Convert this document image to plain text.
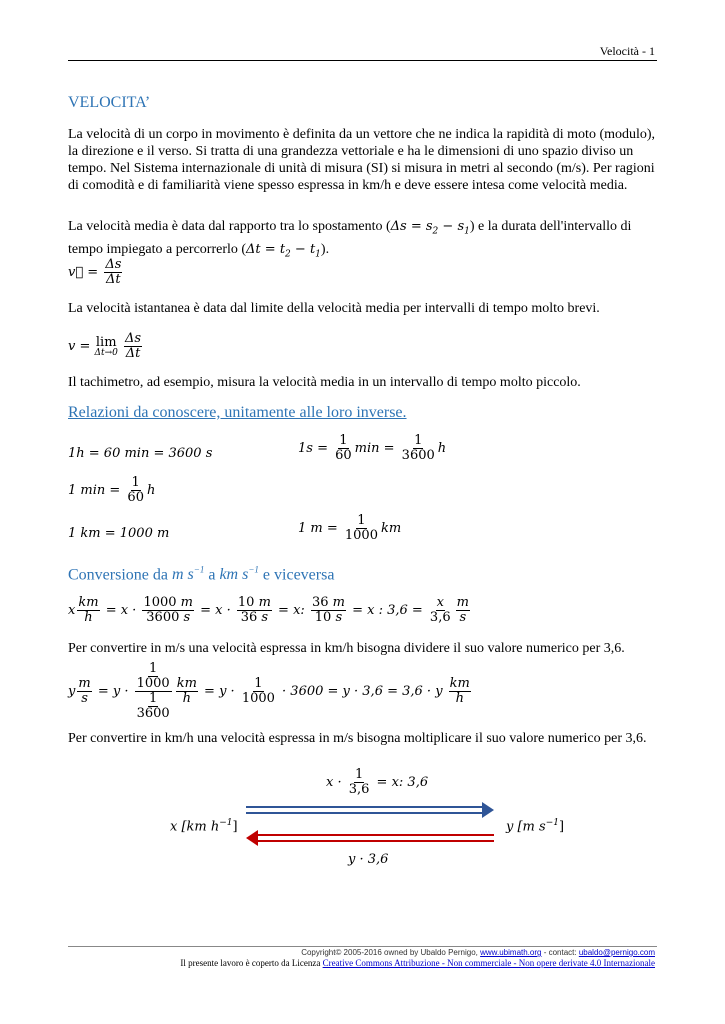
Velocità - 1
VELOCITA’
La velocità di un corpo in movimento è definita da un vettore che ne indica la rapidità di moto (modulo), la direzione e il verso. Si tratta di una grandezza vettoriale e ha le dimensioni di uno spazio diviso un tempo. Nel Sistema internazionale di unità di misura (SI) si misura in metri al secondo (m/s). Per ragioni di comodità e di familiarità viene spesso espressa in km/h e deve essere intesa come velocità media.
La velocità media è data dal rapporto tra lo spostamento $(\Delta s = s_2 - s_1)$ e la durata dell'intervallo di tempo impiegato a percorrerlo $(\Delta t = t_2 - t_1)$.
v⃗ = $\frac{\Delta s}{\Delta t}$
La velocità istantanea è data dal limite della velocità media per intervalli di tempo molto brevi.
v = lim
Δt→0
$\frac{\Delta s}{\Delta t}$
Il tachimetro, ad esempio, misura la velocità media in un intervallo di tempo molto piccolo.
Relazioni da conoscere, unitamente alle loro inverse.
1h = 60 min = 3600 s	$1s = \frac{1}{60}$ $\min = \frac{1}{3600}$ h
1 $\min = \frac{1}{60}$ h
1 km = 1000 m	1 $m = \frac{1}{1000}$ km
Conversione da m $s^{-1}$ a km $s^{-1}$ e viceversa
x $\frac{km}{h} = x \cdot \frac{1000 m}{3600 s} = x \cdot \frac{10 m}{36 s} = x$: $\frac{36 m}{10 s} = x$ : $3,6 = \frac{x}{3,6} \frac{m}{s}$
Per convertire in m/s una velocità espressa in km/h bisogna dividere il suo valore numerico per 3,6.
y $\frac{m}{s} = y \cdot \frac{\frac{1}{1000}}{\frac{1}{3600}} \frac{km}{h} = y \cdot \frac{1}{1000} \cdot 3600 = y \cdot 3,6 = 3,6 \cdot y \frac{km}{h}$
Per convertire in km/h una velocità espressa in m/s bisogna moltiplicare il suo valore numerico per 3,6.
$x \cdot \frac{1}{3,6} = x$: 3,6
x [km $h^{-1}$]	y [m $s^{-1}$]
y · 3,6
Copyright© 2005-2016 owned by Ubaldo Pernigo, www.ubimath.org - contact: ubaldo@pernigo.com
Il presente lavoro è coperto da Licenza Creative Commons Attribuzione - Non commerciale - Non opere derivate 4.0 Internazionale
